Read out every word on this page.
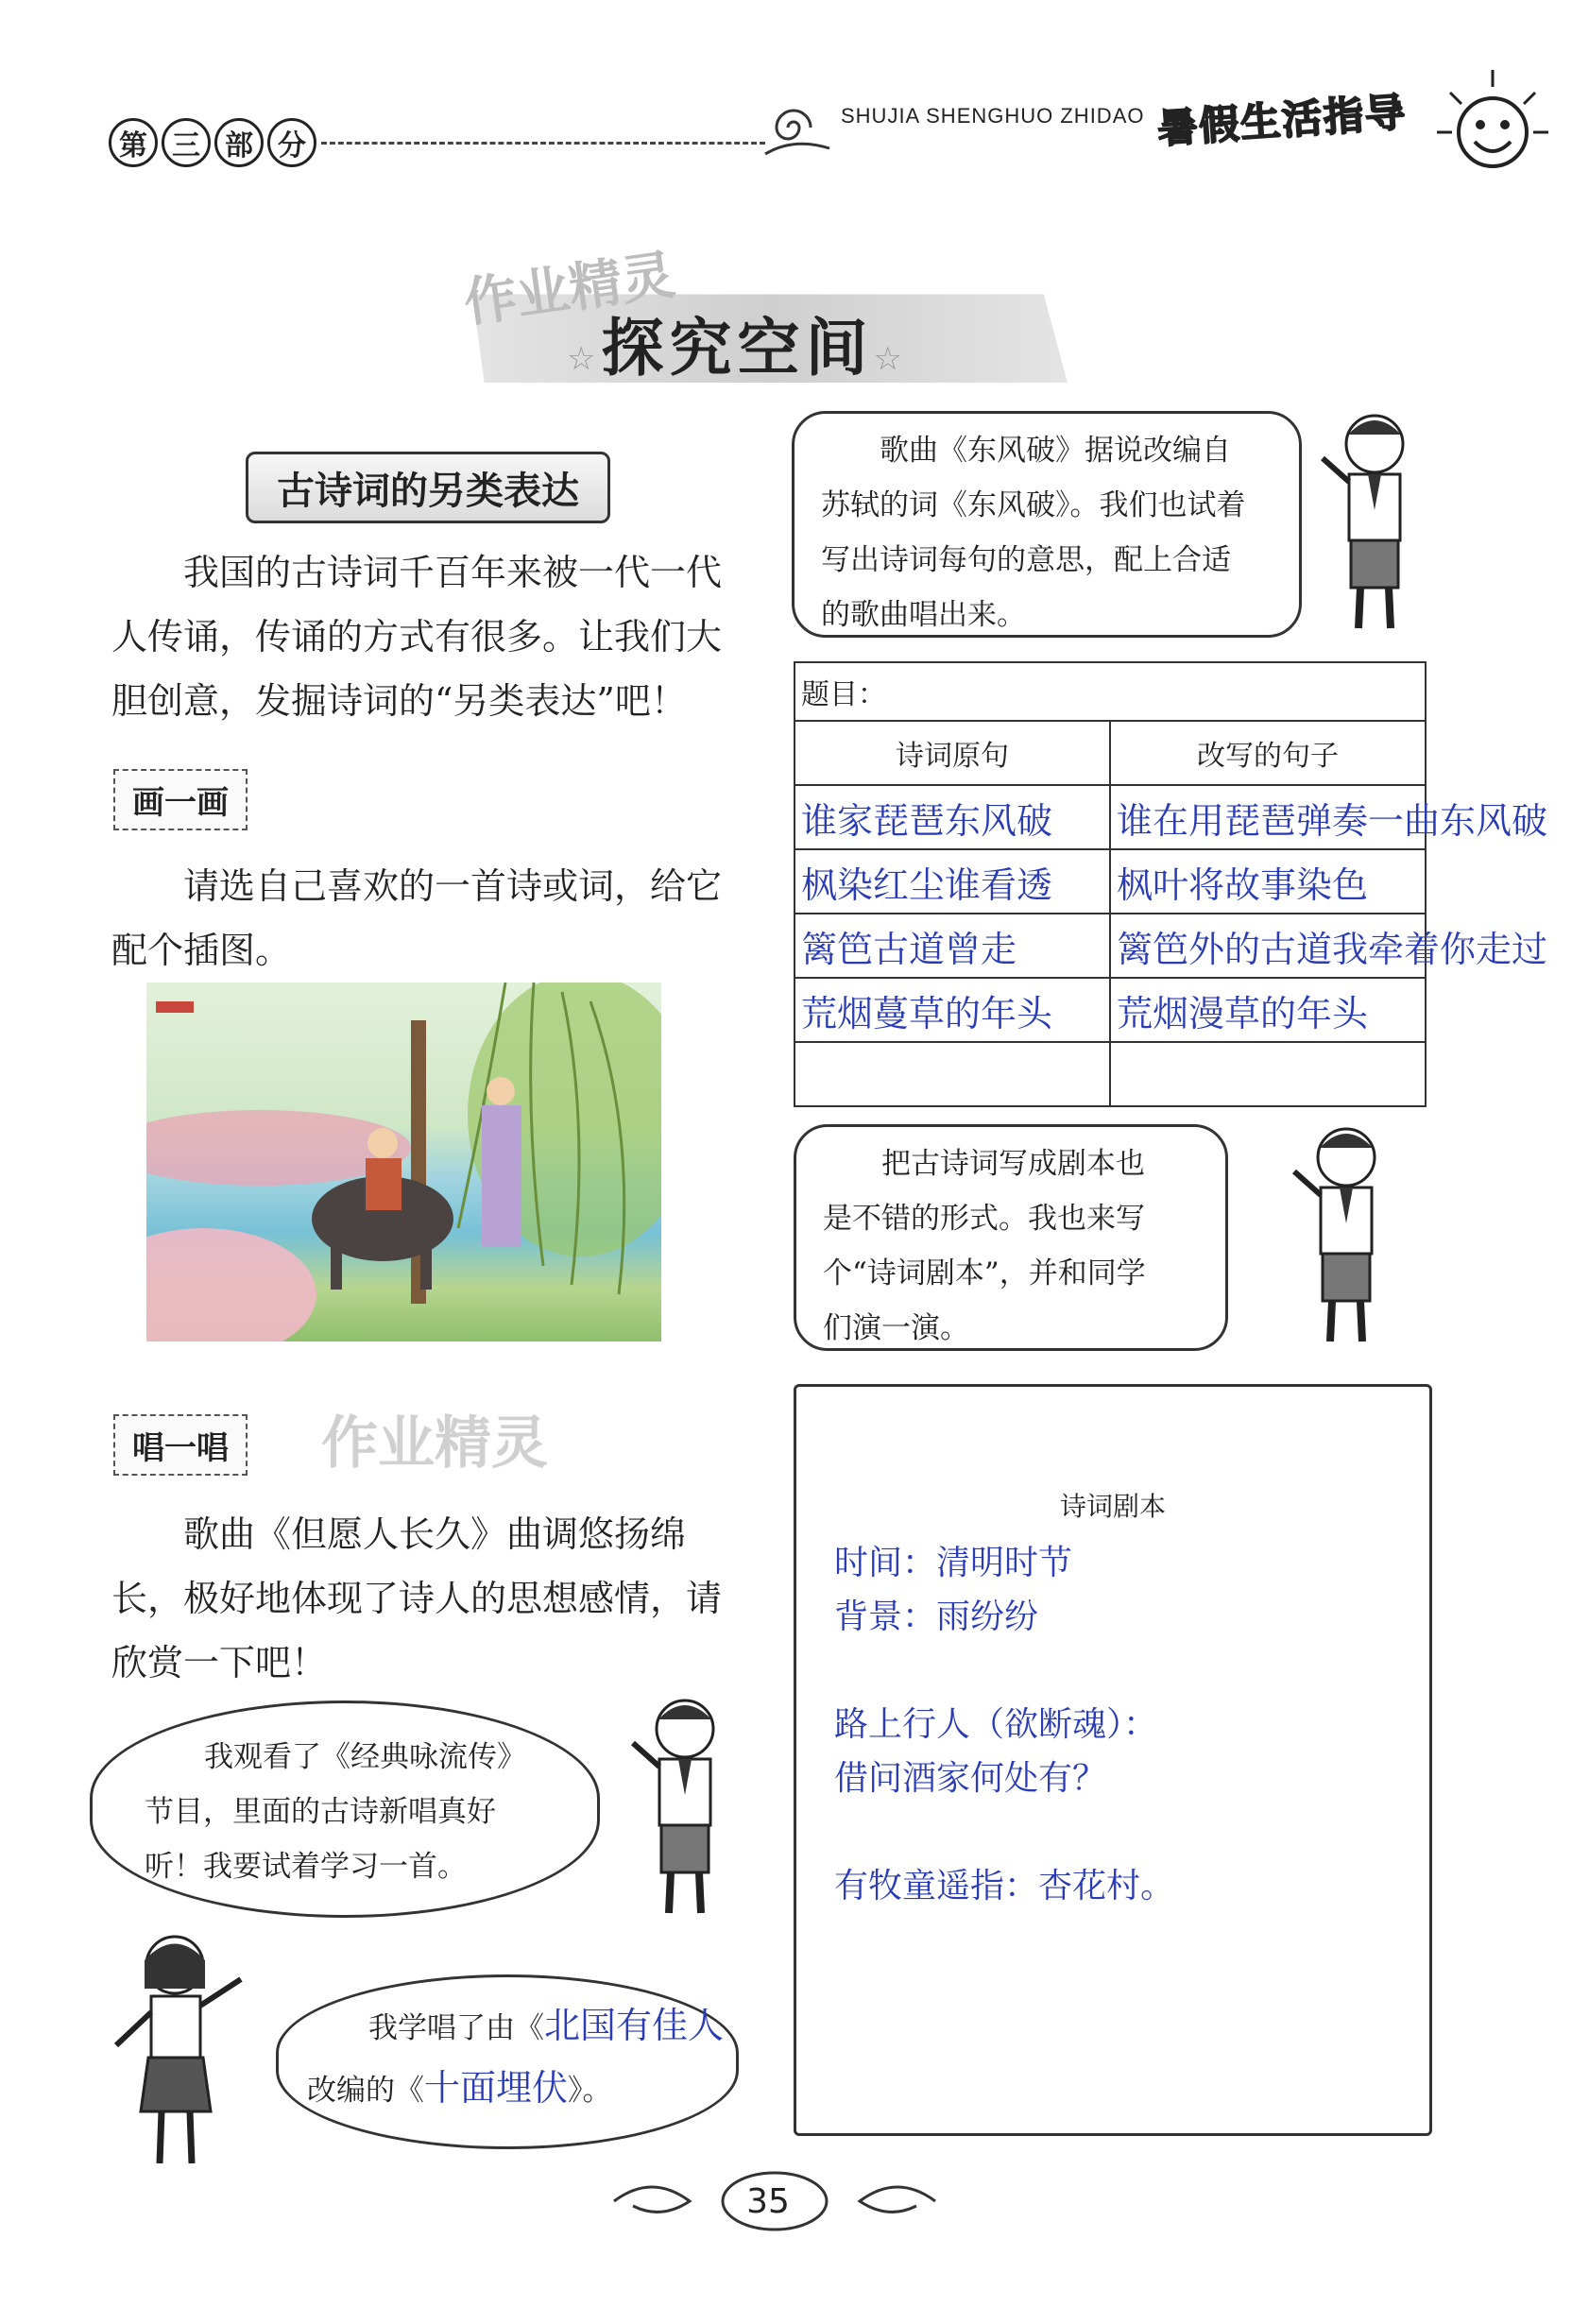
第 三 部 分
SHUJIA SHENGHUO ZHIDAO 暑假生活指导
作业精灵
☆探究空间☆
古诗词的另类表达
我国的古诗词千百年来被一代一代
人传诵，传诵的方式有很多。让我们大
胆创意，发掘诗词的“另类表达”吧！
画一画
请选自己喜欢的一首诗或词，给它
配个插图。
唱一唱	作业精灵
歌曲《但愿人长久》曲调悠扬绵
长，极好地体现了诗人的思想感情，请
欣赏一下吧！
我观看了《经典咏流传》
节目，里面的古诗新唱真好
听！我要试着学习一首。
我学唱了由《北国有佳人
改编的《十面埋伏》。
歌曲《东风破》据说改编自
苏轼的词《东风破》。我们也试着
写出诗词每句的意思，配上合适
的歌曲唱出来。
题目：	
诗词原句	改写的句子
谁家琵琶东风破	谁在用琵琶弹奏一曲东风破
枫染红尘谁看透	枫叶将故事染色
篱笆古道曾走	篱笆外的古道我牵着你走过
荒烟蔓草的年头	荒烟漫草的年头

把古诗词写成剧本也
是不错的形式。我也来写
个“诗词剧本”，并和同学
们演一演。
诗词剧本
时间：清明时节
背景：雨纷纷
路上行人（欲断魂）：
借问酒家何处有？
有牧童遥指：杏花村。
35
